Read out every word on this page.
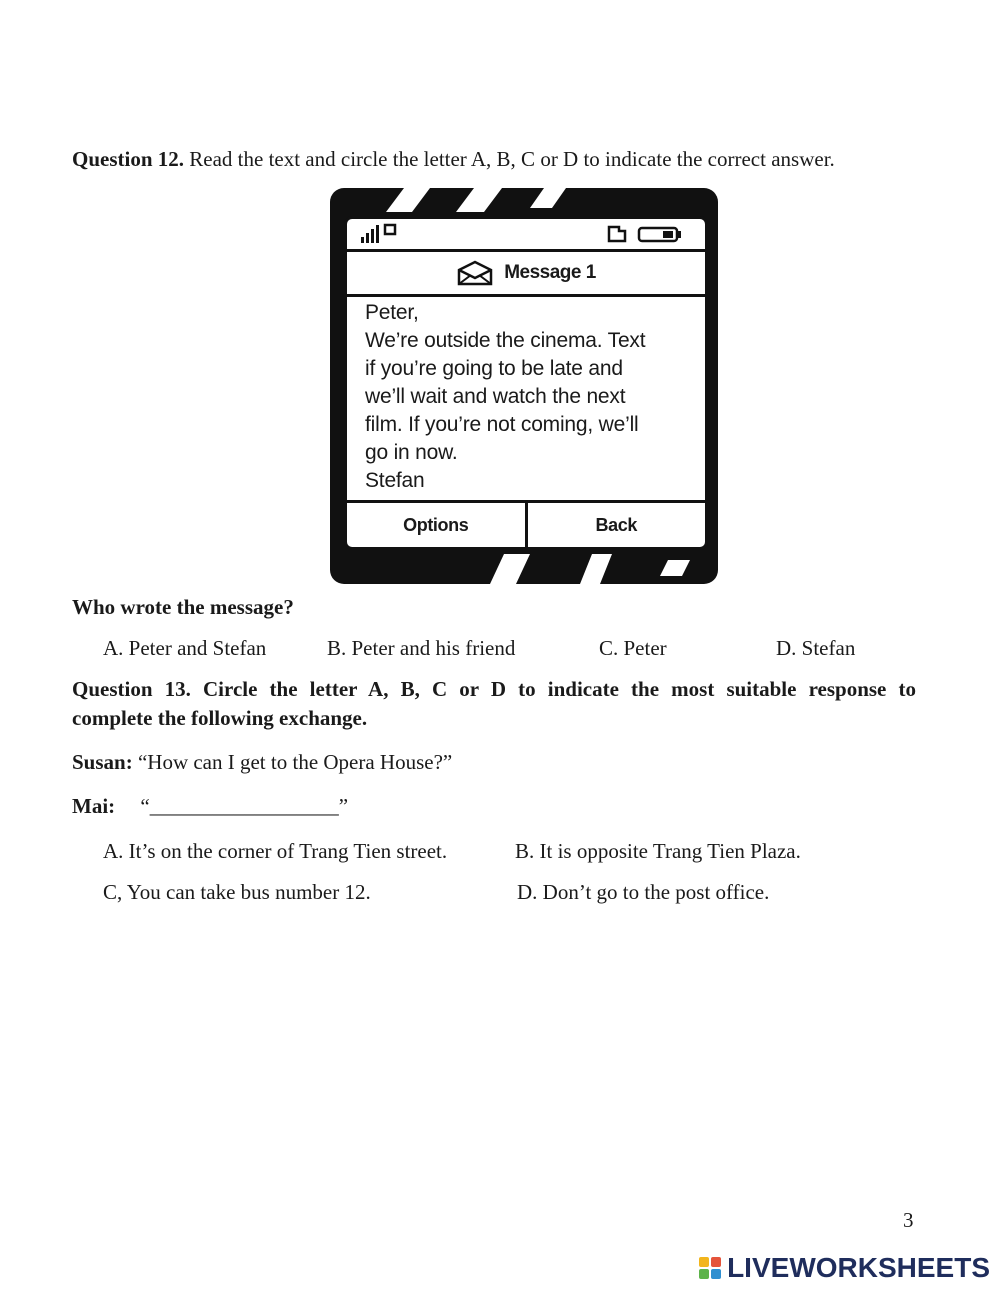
Question 12. Read the text and circle the letter A, B, C or D to indicate the correct answer.
Message 1
Peter,
We’re outside the cinema. Text
if you’re going to be late and
we’ll wait and watch the next
film. If you’re not coming, we’ll
go in now.
Stefan
Options	Back
Who wrote the message?
A. Peter and Stefan	B. Peter and his friend	C. Peter	D. Stefan
Question 13. Circle the letter A, B, C or D to indicate the most suitable response to
complete the following exchange.
Susan: “How can I get to the Opera House?”
Mai: “__________________”
A. It’s on the corner of Trang Tien street.	B. It is opposite Trang Tien Plaza.
C, You can take bus number 12.	D. Don’t go to the post office.
3
LIVEWORKSHEETS
